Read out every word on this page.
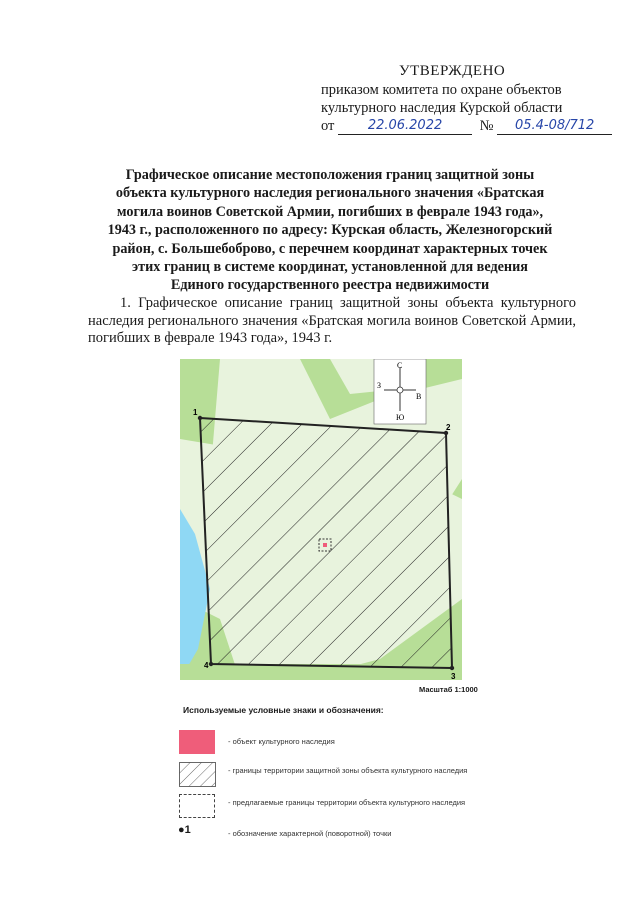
УТВЕРЖДЕНО
приказом комитета по охране объектов
культурного наследия Курской области
от	22.06.2022	№ 05.4-08/712
Графическое описание местоположения границ защитной зоны
объекта культурного наследия регионального значения «Братская
могила воинов Советской Армии, погибших в феврале 1943 года»,
1943 г., расположенного по адресу: Курская область, Железногорский
район, с. Большебоброво, с перечнем координат характерных точек
этих границ в системе координат, установленной для ведения
Единого государственного реестра недвижимости
1. Графическое описание границ защитной зоны объекта культурного наследия регионального значения «Братская могила воинов Советской Армии, погибших в феврале 1943 года», 1943 г.
1
2
3
4
С
Ю
З
В
Масштаб 1:1000
Используемые условные знаки и обозначения:
- объект культурного наследия
- границы территории защитной зоны объекта культурного наследия
- предлагаемые границы территории объекта культурного наследия
●1	- обозначение характерной (поворотной) точки
